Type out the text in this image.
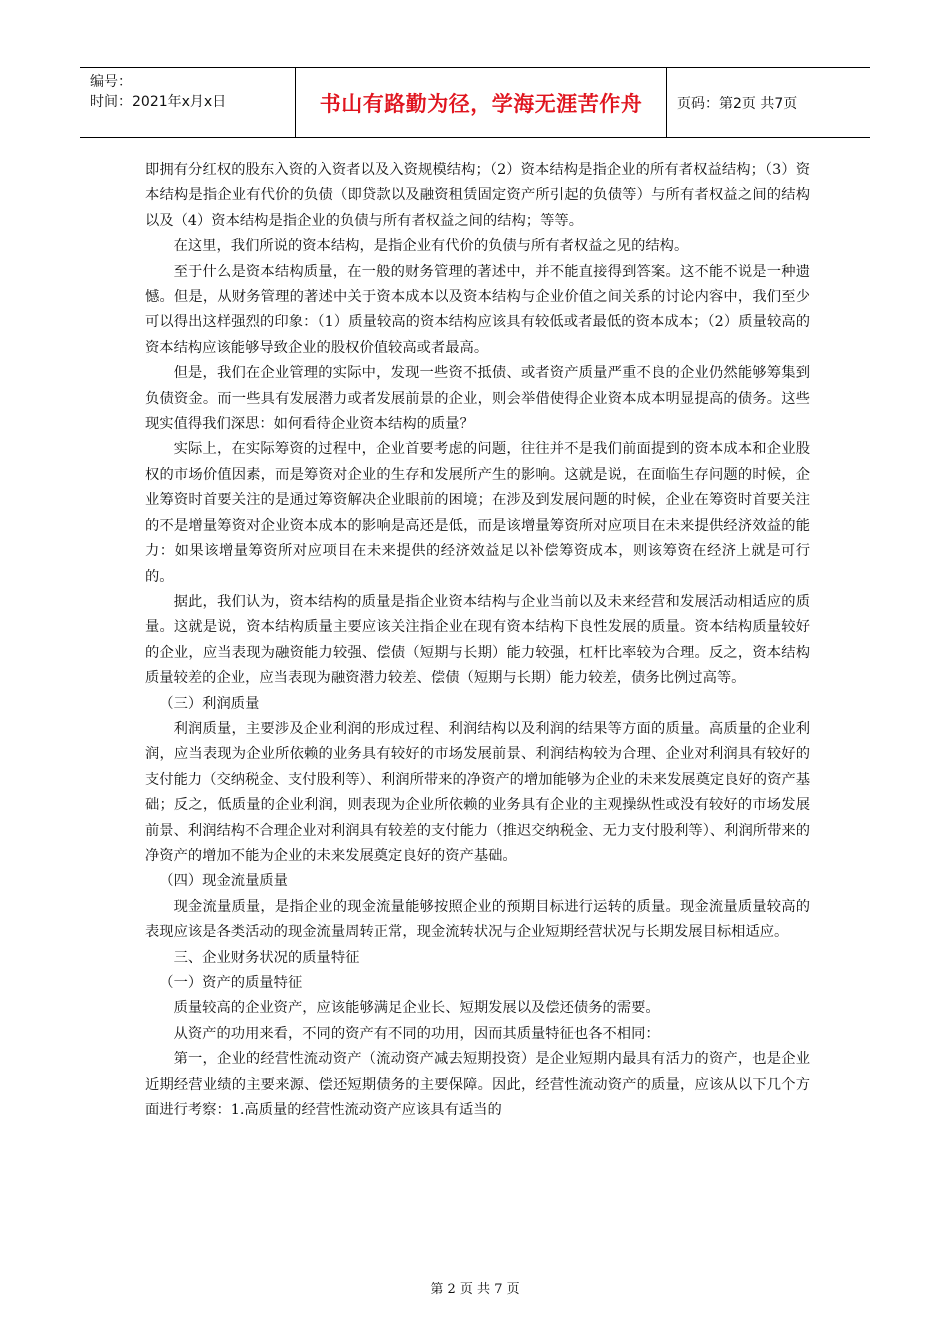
编号：
时间：2021年x月x日	书山有路勤为径，学海无涯苦作舟	页码：第2页 共7页

即拥有分红权的股东入资的入资者以及入资规模结构；（2）资本结构是指企业的所有者权益结构；（3）资本结构是指企业有代价的负债（即贷款以及融资租赁固定资产所引起的负债等）与所有者权益之间的结构以及（4）资本结构是指企业的负债与所有者权益之间的结构；等等。

在这里，我们所说的资本结构，是指企业有代价的负债与所有者权益之见的结构。

至于什么是资本结构质量，在一般的财务管理的著述中，并不能直接得到答案。这不能不说是一种遗憾。但是，从财务管理的著述中关于资本成本以及资本结构与企业价值之间关系的讨论内容中，我们至少可以得出这样强烈的印象：（1）质量较高的资本结构应该具有较低或者最低的资本成本；（2）质量较高的资本结构应该能够导致企业的股权价值较高或者最高。

但是，我们在企业管理的实际中，发现一些资不抵债、或者资产质量严重不良的企业仍然能够筹集到负债资金。而一些具有发展潜力或者发展前景的企业，则会举借使得企业资本成本明显提高的债务。这些现实值得我们深思：如何看待企业资本结构的质量？

实际上，在实际筹资的过程中，企业首要考虑的问题，往往并不是我们前面提到的资本成本和企业股权的市场价值因素，而是筹资对企业的生存和发展所产生的影响。这就是说，在面临生存问题的时候，企业筹资时首要关注的是通过筹资解决企业眼前的困境；在涉及到发展问题的时候，企业在筹资时首要关注的不是增量筹资对企业资本成本的影响是高还是低，而是该增量筹资所对应项目在未来提供经济效益的能力：如果该增量筹资所对应项目在未来提供的经济效益足以补偿筹资成本，则该筹资在经济上就是可行的。

据此，我们认为，资本结构的质量是指企业资本结构与企业当前以及未来经营和发展活动相适应的质量。这就是说，资本结构质量主要应该关注指企业在现有资本结构下良性发展的质量。资本结构质量较好的企业，应当表现为融资能力较强、偿债（短期与长期）能力较强，杠杆比率较为合理。反之，资本结构质量较差的企业，应当表现为融资潜力较差、偿债（短期与长期）能力较差，债务比例过高等。

（三）利润质量

利润质量，主要涉及企业利润的形成过程、利润结构以及利润的结果等方面的质量。高质量的企业利润，应当表现为企业所依赖的业务具有较好的市场发展前景、利润结构较为合理、企业对利润具有较好的支付能力（交纳税金、支付股利等）、利润所带来的净资产的增加能够为企业的未来发展奠定良好的资产基础；反之，低质量的企业利润，则表现为企业所依赖的业务具有企业的主观操纵性或没有较好的市场发展前景、利润结构不合理企业对利润具有较差的支付能力（推迟交纳税金、无力支付股利等）、利润所带来的净资产的增加不能为企业的未来发展奠定良好的资产基础。

（四）现金流量质量

现金流量质量，是指企业的现金流量能够按照企业的预期目标进行运转的质量。现金流量质量较高的表现应该是各类活动的现金流量周转正常，现金流转状况与企业短期经营状况与长期发展目标相适应。

三、企业财务状况的质量特征

（一）资产的质量特征

质量较高的企业资产，应该能够满足企业长、短期发展以及偿还债务的需要。

从资产的功用来看，不同的资产有不同的功用，因而其质量特征也各不相同：

第一，企业的经营性流动资产（流动资产减去短期投资）是企业短期内最具有活力的资产，也是企业近期经营业绩的主要来源、偿还短期债务的主要保障。因此，经营性流动资产的质量，应该从以下几个方面进行考察：1.高质量的经营性流动资产应该具有适当的

第 2 页 共 7 页
